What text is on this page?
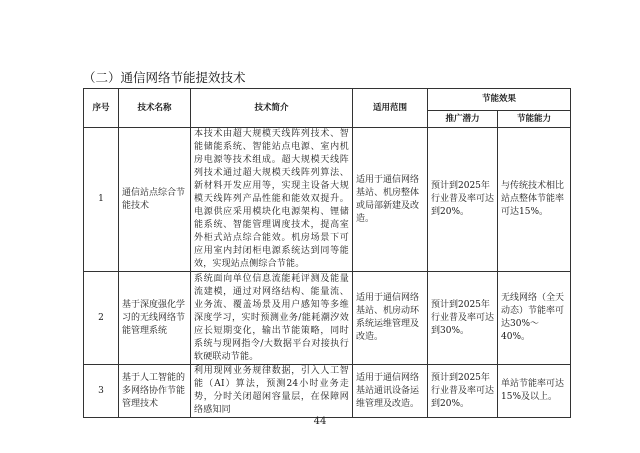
（二）通信网络节能提效技术
序号	技术名称	技术简介	适用范围	节能效果	
				推广潜力	节能能力
1	通信站点综合节能技术	本技术由超大规模天线阵列技术、智能储能系统、智能站点电源、室内机房电源等技术组成。超大规模天线阵列技术通过超大规模天线阵列算法、新材料开发应用等，实现主设备大规模天线阵列产品性能和能效双提升。电源供应采用模块化电源架构、锂储能系统、智能管理调度技术，提高室外柜式站点综合能效。机房场景下可应用室内封闭柜电源系统达到同等能效，实现站点侧综合节能。	适用于通信网络基站、机房整体或局部新建及改造。	预计到2025年行业普及率可达到20%。	与传统技术相比站点整体节能率可达15%。
2	基于深度强化学习的无线网络节能管理系统	系统面向单位信息流能耗评测及能量流建模，通过对网络结构、能量流、业务流、覆盖场景及用户感知等多维深度学习，实时预测业务/能耗潮汐效应长短期变化，输出节能策略，同时系统与现网指令/大数据平台对接执行软硬联动节能。	适用于通信网络基站、机房动环系统运维管理及改造。	预计到2025年行业普及率可达到30%。	无线网络（全天动态）节能率可达30%～40%。
3	基于人工智能的多网络协作节能管理技术	利用现网业务规律数据，引入人工智能（AI）算法，预测24小时业务走势，分时关闭超闲容量层，在保障网络感知同	适用于通信网络基站通讯设备运维管理及改造。	预计到2025年行业普及率可达到20%。	单站节能率可达15%及以上。
44
